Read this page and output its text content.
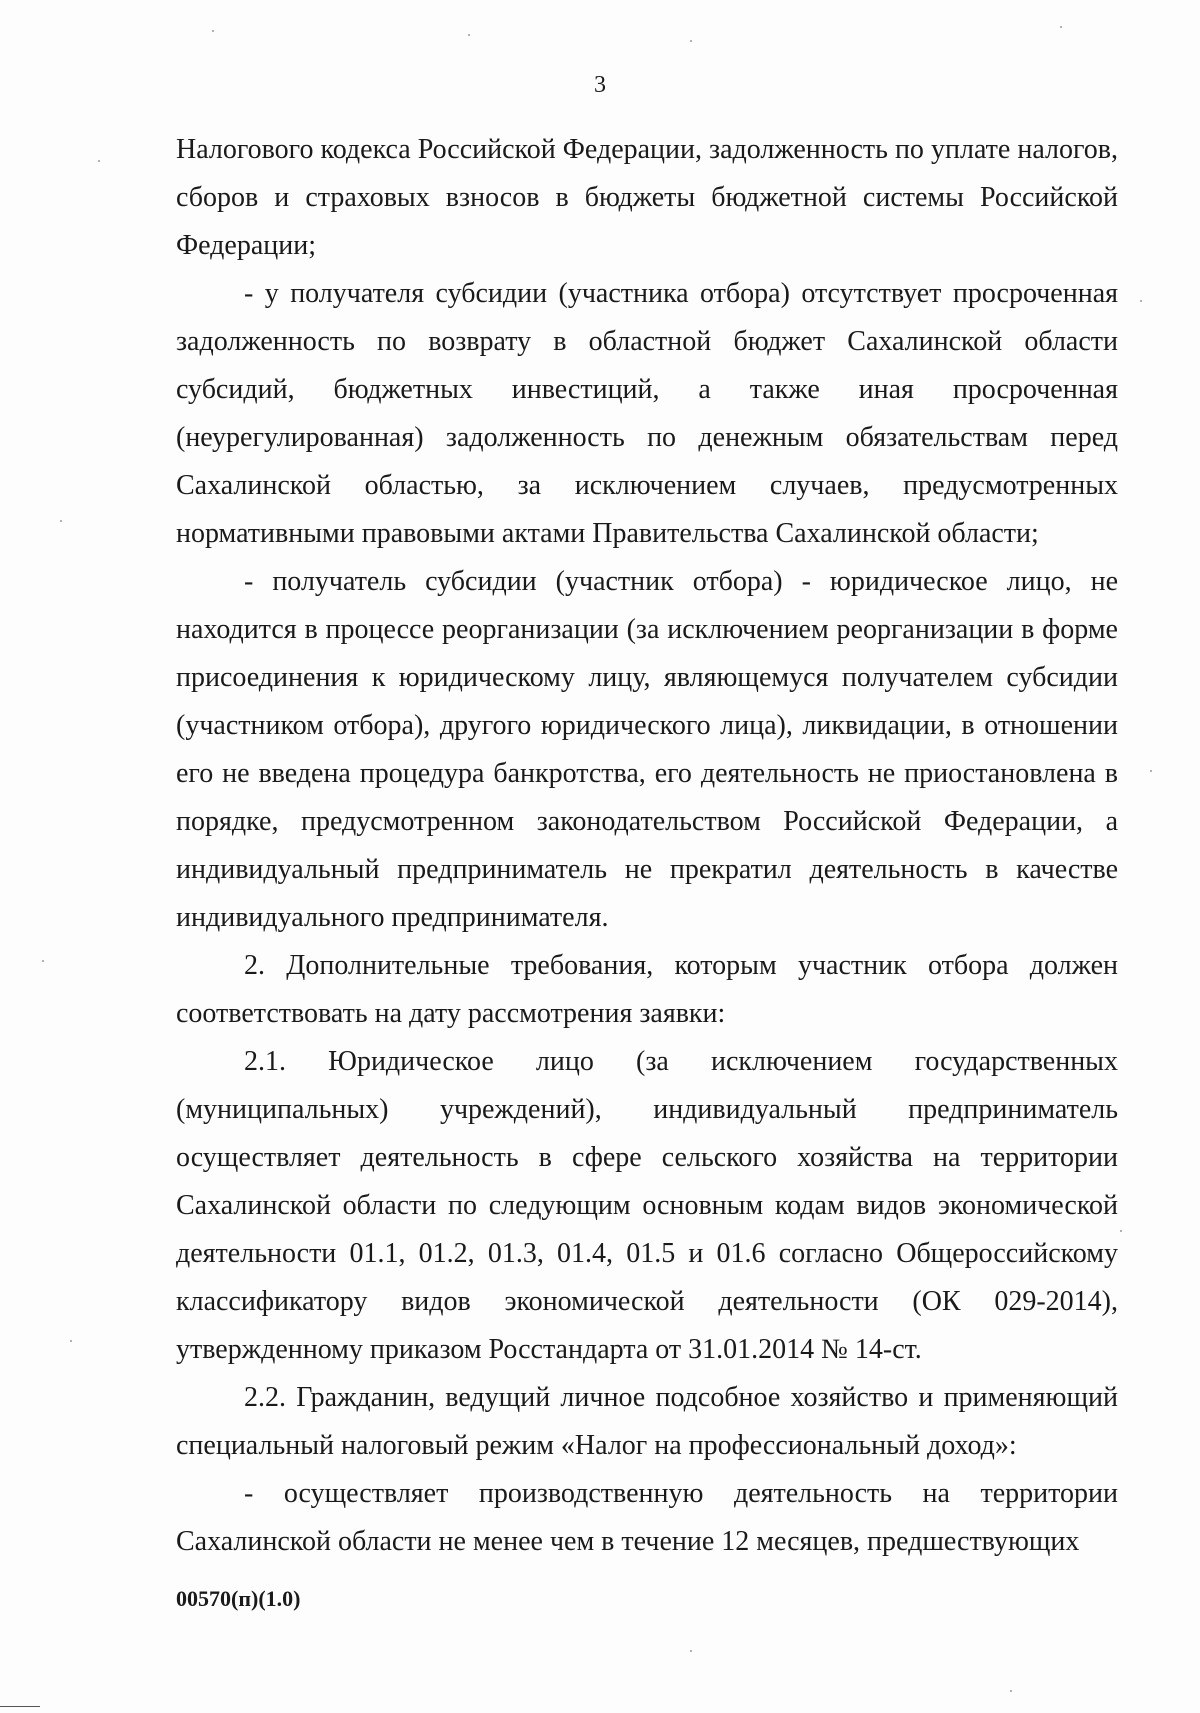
3

Налогового кодекса Российской Федерации, задолженность по уплате налогов, сборов и страховых взносов в бюджеты бюджетной системы Российской Федерации;

- у получателя субсидии (участника отбора) отсутствует просроченная задолженность по возврату в областной бюджет Сахалинской области субсидий, бюджетных инвестиций, а также иная просроченная (неурегулированная) задолженность по денежным обязательствам перед Сахалинской областью, за исключением случаев, предусмотренных нормативными правовыми актами Правительства Сахалинской области;

- получатель субсидии (участник отбора) - юридическое лицо, не находится в процессе реорганизации (за исключением реорганизации в форме присоединения к юридическому лицу, являющемуся получателем субсидии (участником отбора), другого юридического лица), ликвидации, в отношении его не введена процедура банкротства, его деятельность не приостановлена в порядке, предусмотренном законодательством Российской Федерации, а индивидуальный предприниматель не прекратил деятельность в качестве индивидуального предпринимателя.

2. Дополнительные требования, которым участник отбора должен соответствовать на дату рассмотрения заявки:

2.1. Юридическое лицо (за исключением государственных (муниципальных) учреждений), индивидуальный предприниматель осуществляет деятельность в сфере сельского хозяйства на территории Сахалинской области по следующим основным кодам видов экономической деятельности 01.1, 01.2, 01.3, 01.4, 01.5 и 01.6 согласно Общероссийскому классификатору видов экономической деятельности (ОК 029-2014), утвержденному приказом Росстандарта от 31.01.2014 № 14-ст.

2.2. Гражданин, ведущий личное подсобное хозяйство и применяющий специальный налоговый режим «Налог на профессиональный доход»:

- осуществляет производственную деятельность на территории Сахалинской области не менее чем в течение 12 месяцев, предшествующих

00570(п)(1.0)
